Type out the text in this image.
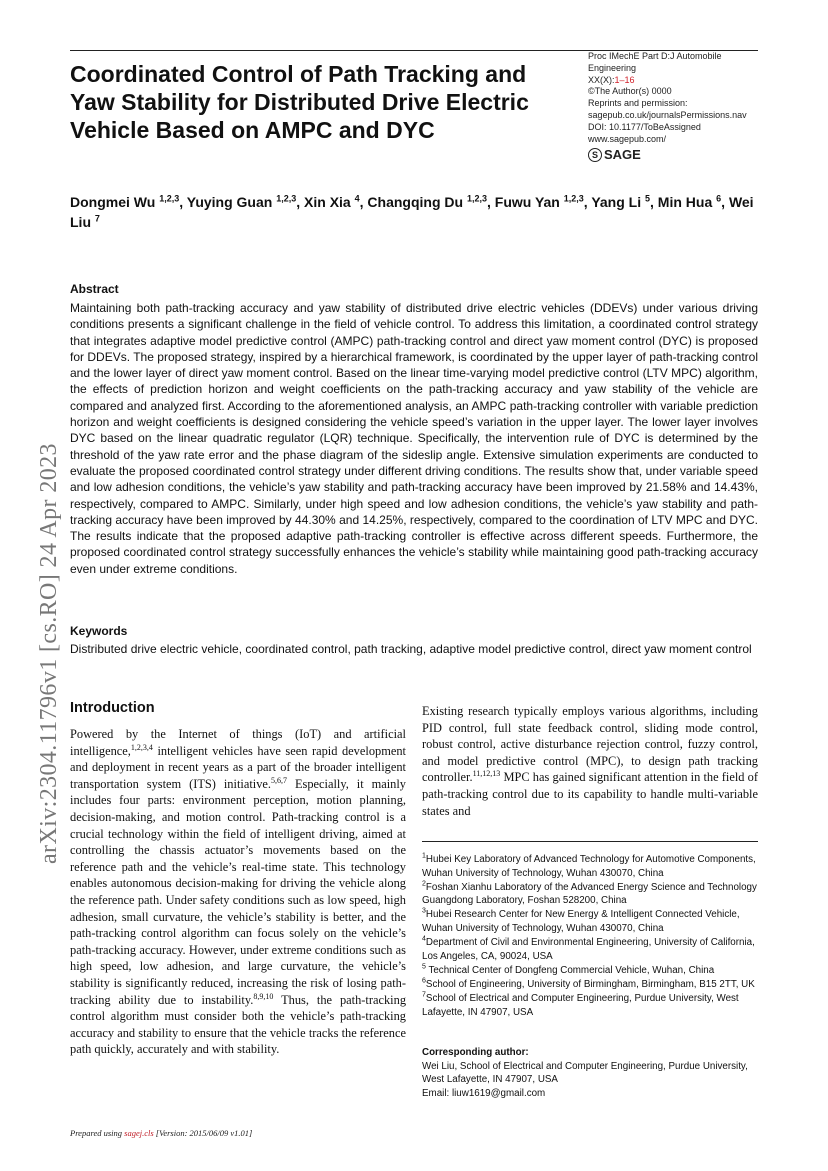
Coordinated Control of Path Tracking and Yaw Stability for Distributed Drive Electric Vehicle Based on AMPC and DYC
Proc IMechE Part D:J Automobile Engineering
XX(X):1–16
©The Author(s) 0000
Reprints and permission:
sagepub.co.uk/journalsPermissions.nav
DOI: 10.1177/ToBeAssigned
www.sagepub.com/
S SAGE
Dongmei Wu $^{1,2,3}$, Yuying Guan $^{1,2,3}$, Xin Xia $^4$, Changqing Du $^{1,2,3}$, Fuwu Yan $^{1,2,3}$, Yang Li $^5$, Min Hua $^6$, Wei Liu $^7$
Abstract

Maintaining both path-tracking accuracy and yaw stability of distributed drive electric vehicles (DDEVs) under various driving conditions presents a significant challenge in the field of vehicle control. To address this limitation, a coordinated control strategy that integrates adaptive model predictive control (AMPC) path-tracking control and direct yaw moment control (DYC) is proposed for DDEVs. The proposed strategy, inspired by a hierarchical framework, is coordinated by the upper layer of path-tracking control and the lower layer of direct yaw moment control. Based on the linear time-varying model predictive control (LTV MPC) algorithm, the effects of prediction horizon and weight coefficients on the path-tracking accuracy and yaw stability of the vehicle are compared and analyzed first. According to the aforementioned analysis, an AMPC path-tracking controller with variable prediction horizon and weight coefficients is designed considering the vehicle speed’s variation in the upper layer. The lower layer involves DYC based on the linear quadratic regulator (LQR) technique. Specifically, the intervention rule of DYC is determined by the threshold of the yaw rate error and the phase diagram of the sideslip angle. Extensive simulation experiments are conducted to evaluate the proposed coordinated control strategy under different driving conditions. The results show that, under variable speed and low adhesion conditions, the vehicle’s yaw stability and path-tracking accuracy have been improved by 21.58% and 14.43%, respectively, compared to AMPC. Similarly, under high speed and low adhesion conditions, the vehicle’s yaw stability and path-tracking accuracy have been improved by 44.30% and 14.25%, respectively, compared to the coordination of LTV MPC and DYC. The results indicate that the proposed adaptive path-tracking controller is effective across different speeds. Furthermore, the proposed coordinated control strategy successfully enhances the vehicle’s stability while maintaining good path-tracking accuracy even under extreme conditions.

Keywords

Distributed drive electric vehicle, coordinated control, path tracking, adaptive model predictive control, direct yaw moment control

Introduction

Powered by the Internet of things (IoT) and artificial intelligence,$^{1,2,3,4}$ intelligent vehicles have seen rapid development and deployment in recent years as a part of the broader intelligent transportation system (ITS) initiative.$^{5,6,7}$ Especially, it mainly includes four parts: environment perception, motion planning, decision-making, and motion control. Path-tracking control is a crucial technology within the field of intelligent driving, aimed at controlling the chassis actuator’s movements based on the reference path and the vehicle’s real-time state. This technology enables autonomous decision-making for driving the vehicle along the reference path. Under safety conditions such as low speed, high adhesion, small curvature, the vehicle’s stability is better, and the path-tracking control algorithm can focus solely on the vehicle’s path-tracking accuracy. However, under extreme conditions such as high speed, low adhesion, and large curvature, the vehicle’s stability is significantly reduced, increasing the risk of losing path-tracking ability due to instability.$^{8,9,10}$ Thus, the path-tracking control algorithm must consider both the vehicle’s path-tracking accuracy and stability to ensure that the vehicle tracks the reference path quickly, accurately and with stability.

Existing research typically employs various algorithms, including PID control, full state feedback control, sliding mode control, robust control, active disturbance rejection control, fuzzy control, and model predictive control (MPC), to design path tracking controller.$^{11,12,13}$ MPC has gained significant attention in the field of path-tracking control due to its capability to handle multi-variable states and

$^1$Hubei Key Laboratory of Advanced Technology for Automotive Components, Wuhan University of Technology, Wuhan 430070, China
$^2$Foshan Xianhu Laboratory of the Advanced Energy Science and Technology Guangdong Laboratory, Foshan 528200, China
$^3$Hubei Research Center for New Energy & Intelligent Connected Vehicle, Wuhan University of Technology, Wuhan 430070, China
$^4$Department of Civil and Environmental Engineering, University of California, Los Angeles, CA, 90024, USA
$^5$ Technical Center of Dongfeng Commercial Vehicle, Wuhan, China
$^6$School of Engineering, University of Birmingham, Birmingham, B15 2TT, UK
$^7$School of Electrical and Computer Engineering, Purdue University, West Lafayette, IN 47907, USA
Corresponding author:
Wei Liu, School of Electrical and Computer Engineering, Purdue University, West Lafayette, IN 47907, USA
Email: liuw1619@gmail.com
Prepared using sagej.cls [Version: 2015/06/09 v1.01]
arXiv:2304.11796v1 [cs.RO] 24 Apr 2023
